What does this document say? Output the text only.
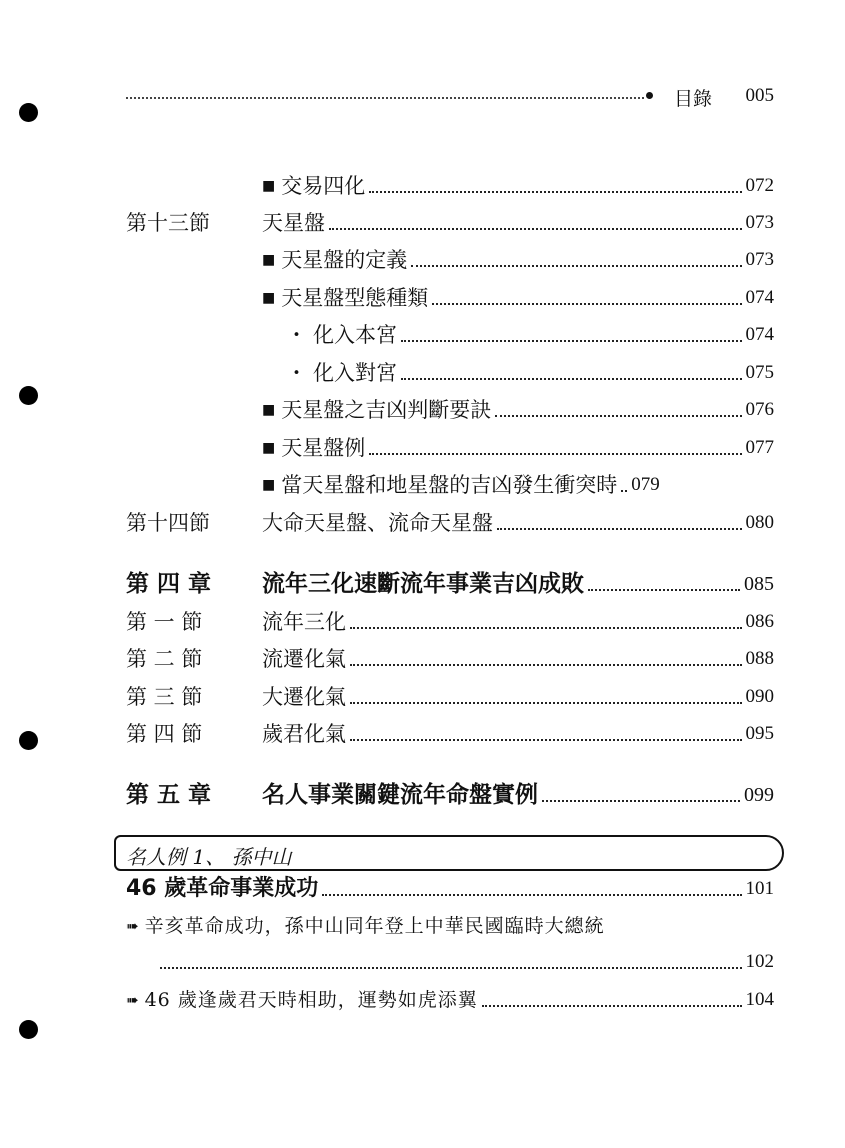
目錄 005
■ 交易四化	072
第十三節	天星盤	073
■ 天星盤的定義	073
■ 天星盤型態種類	074
・ 化入本宮	074
・ 化入對宮	075
■ 天星盤之吉凶判斷要訣	076
■ 天星盤例	077
■ 當天星盤和地星盤的吉凶發生衝突時 079
第十四節	大命天星盤、流命天星盤	080
第 四 章	流年三化速斷流年事業吉凶成敗	085
第 一 節	流年三化	086
第 二 節	流遷化氣	088
第 三 節	大遷化氣	090
第 四 節	歲君化氣	095
第 五 章	名人事業關鍵流年命盤實例	099
名人例 1、 孫中山
46 歲革命事業成功	101
➠ 辛亥革命成功，孫中山同年登上中華民國臨時大總統
102
➠ 46 歲逢歲君天時相助，運勢如虎添翼	104
